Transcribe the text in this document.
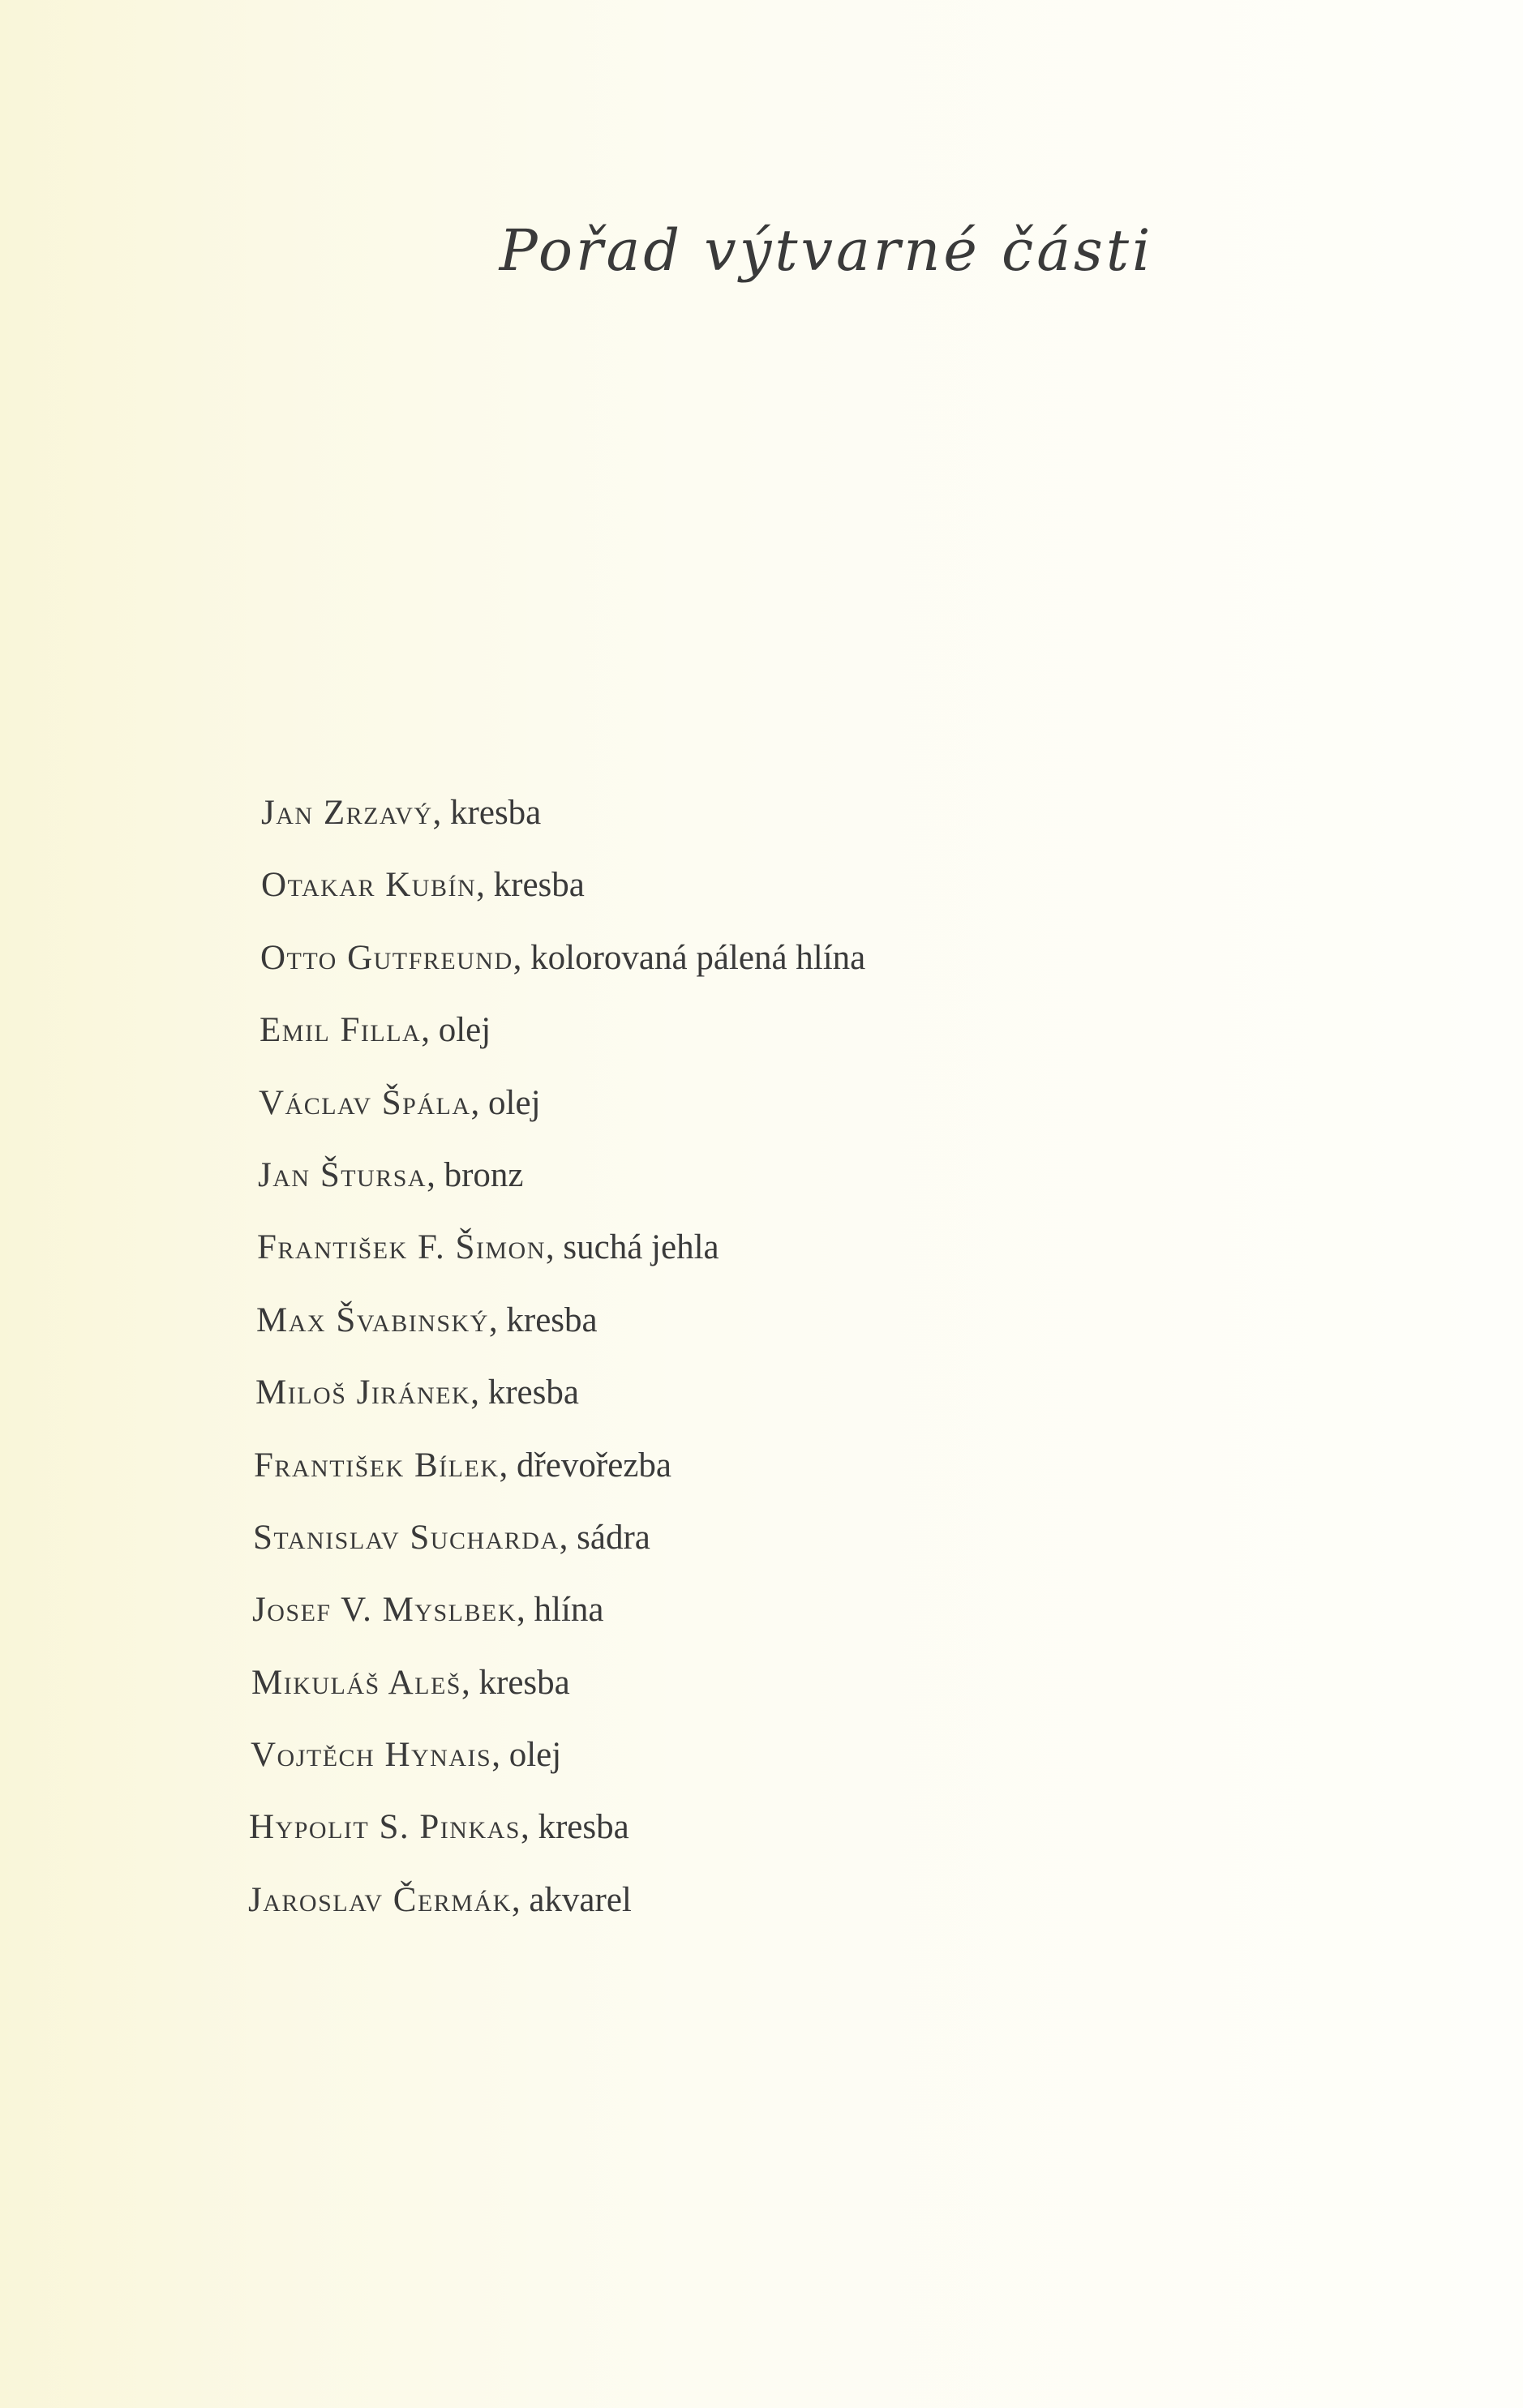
Pořad výtvarné části
Jan Zrzavý, kresba
Otakar Kubín, kresba
Otto Gutfreund, kolorovaná pálená hlína
Emil Filla, olej
Václav Špála, olej
Jan Štursa, bronz
František F. Šimon, suchá jehla
Max Švabinský, kresba
Miloš Jiránek, kresba
František Bílek, dřevořezba
Stanislav Sucharda, sádra
Josef V. Myslbek, hlína
Mikuláš Aleš, kresba
Vojtěch Hynais, olej
Hypolit S. Pinkas, kresba
Jaroslav Čermák, akvarel
